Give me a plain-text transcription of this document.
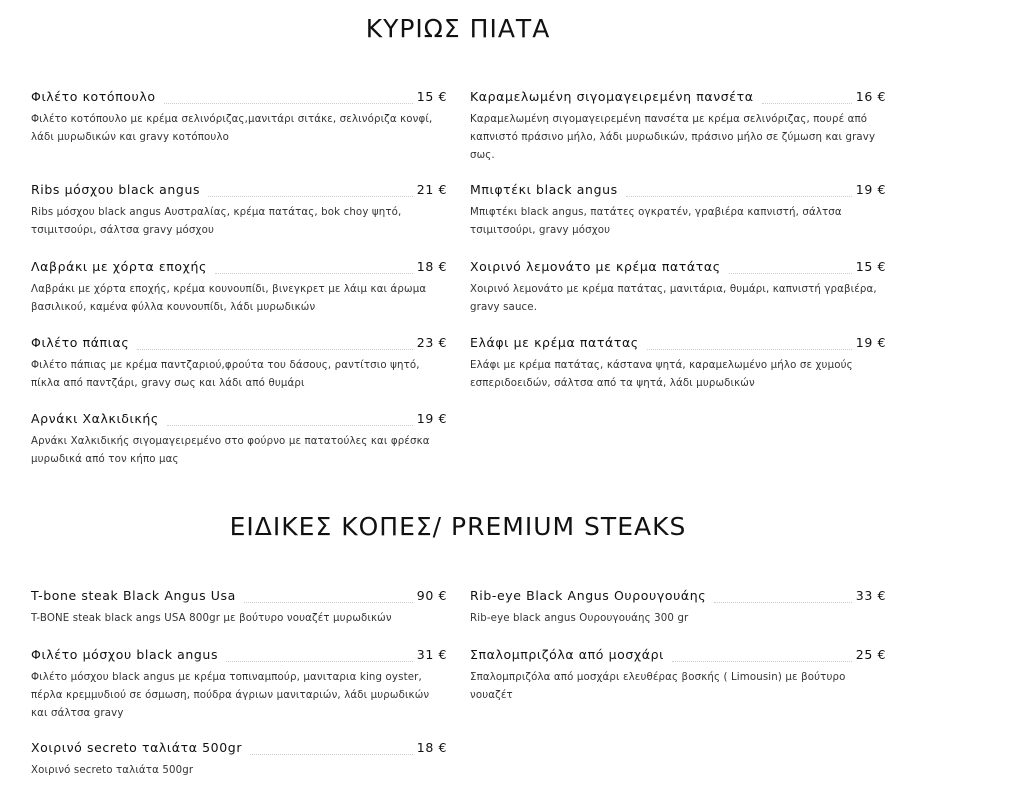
ΚΥΡΙΩΣ ΠΙΑΤΑ
Φιλέτο κοτόπουλο	15 €
Φιλέτο κοτόπουλο με κρέμα σελινόριζας,μανιτάρι σιτάκε, σελινόριζα κονφί, λάδι μυρωδικών και gravy κοτόπουλο
Ribs μόσχου black angus	21 €
Ribs μόσχου black angus Αυστραλίας, κρέμα πατάτας, bok choy ψητό, τσιμιτσούρι, σάλτσα gravy μόσχου
Λαβράκι με χόρτα εποχής	18 €
Λαβράκι με χόρτα εποχής, κρέμα κουνουπίδι, βινεγκρετ με λάιμ και άρωμα βασιλικού, καμένα φύλλα κουνουπίδι, λάδι μυρωδικών
Φιλέτο πάπιας	23 €
Φιλέτο πάπιας με κρέμα παντζαριού,φρούτα του δάσους, ραντίτσιο ψητό, πίκλα από παντζάρι, gravy σως και λάδι από θυμάρι
Αρνάκι Χαλκιδικής	19 €
Αρνάκι Χαλκιδικής σιγομαγειρεμένο στο φούρνο με πατατούλες και φρέσκα μυρωδικά από τον κήπο μας
Καραμελωμένη σιγομαγειρεμένη πανσέτα	16 €
Καραμελωμένη σιγομαγειρεμένη πανσέτα με κρέμα σελινόριζας, πουρέ από καπνιστό πράσινο μήλο, λάδι μυρωδικών, πράσινο μήλο σε ζύμωση και gravy σως.
Μπιφτέκι black angus	19 €
Μπιφτέκι black angus, πατάτες ογκρατέν, γραβιέρα καπνιστή, σάλτσα τσιμιτσούρι, gravy μόσχου
Χοιρινό λεμονάτο με κρέμα πατάτας	15 €
Χοιρινό λεμονάτο με κρέμα πατάτας, μανιτάρια, θυμάρι, καπνιστή γραβιέρα, gravy sauce.
Ελάφι με κρέμα πατάτας	19 €
Ελάφι με κρέμα πατάτας, κάστανα ψητά, καραμελωμένο μήλο σε χυμούς εσπεριδοειδών, σάλτσα από τα ψητά, λάδι μυρωδικών
ΕΙΔΙΚΕΣ ΚΟΠΕΣ/ PREMIUM STEAKS
T-bone steak Black Angus Usa	90 €
T-BONE steak black angs USA 800gr με βούτυρο νουαζέτ μυρωδικών
Φιλέτο μόσχου black angus	31 €
Φιλέτο μόσχου black angus με κρέμα τοπιναμπούρ, μανιταρια king oyster, πέρλα κρεμμυδιού σε όσμωση, πούδρα άγριων μανιταριών, λάδι μυρωδικών και σάλτσα gravy
Χοιρινό secreto ταλιάτα 500gr	18 €
Χοιρινό secreto ταλιάτα 500gr
Rib-eye Black Angus Ουρουγουάης	33 €
Rib-eye black angus Ουρουγουάης 300 gr
Σπαλομπριζόλα από μοσχάρι	25 €
Σπαλομπριζόλα από μοσχάρι ελευθέρας βοσκής ( Limousin) με βούτυρο νουαζέτ
